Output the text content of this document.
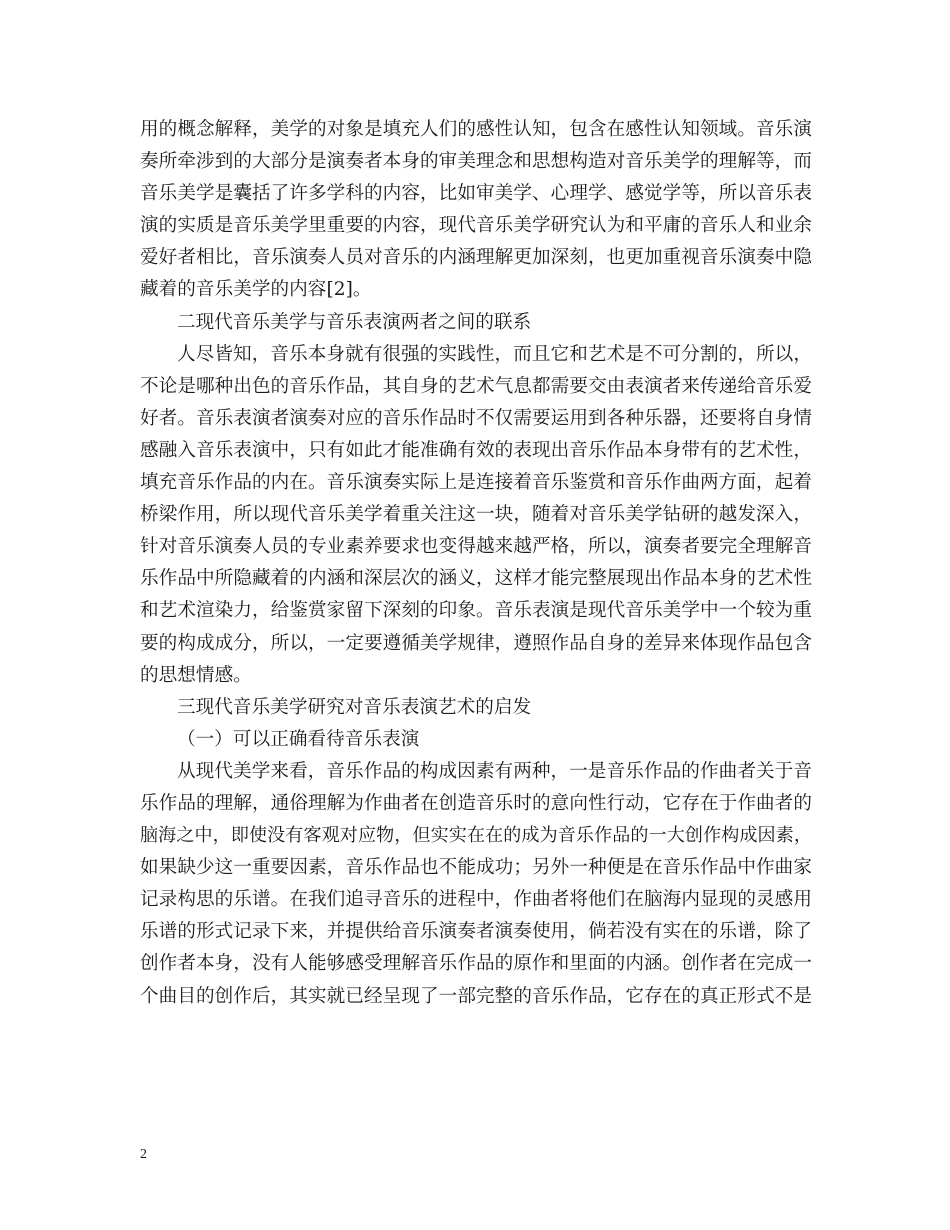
用的概念解释，美学的对象是填充人们的感性认知，包含在感性认知领域。音乐演
奏所牵涉到的大部分是演奏者本身的审美理念和思想构造对音乐美学的理解等，而
音乐美学是囊括了许多学科的内容，比如审美学、心理学、感觉学等，所以音乐表
演的实质是音乐美学里重要的内容，现代音乐美学研究认为和平庸的音乐人和业余
爱好者相比，音乐演奏人员对音乐的内涵理解更加深刻，也更加重视音乐演奏中隐
藏着的音乐美学的内容[2]。
二现代音乐美学与音乐表演两者之间的联系
人尽皆知，音乐本身就有很强的实践性，而且它和艺术是不可分割的，所以，
不论是哪种出色的音乐作品，其自身的艺术气息都需要交由表演者来传递给音乐爱
好者。音乐表演者演奏对应的音乐作品时不仅需要运用到各种乐器，还要将自身情
感融入音乐表演中，只有如此才能准确有效的表现出音乐作品本身带有的艺术性，
填充音乐作品的内在。音乐演奏实际上是连接着音乐鉴赏和音乐作曲两方面，起着
桥梁作用，所以现代音乐美学着重关注这一块，随着对音乐美学钻研的越发深入，
针对音乐演奏人员的专业素养要求也变得越来越严格，所以，演奏者要完全理解音
乐作品中所隐藏着的内涵和深层次的涵义，这样才能完整展现出作品本身的艺术性
和艺术渲染力，给鉴赏家留下深刻的印象。音乐表演是现代音乐美学中一个较为重
要的构成成分，所以，一定要遵循美学规律，遵照作品自身的差异来体现作品包含
的思想情感。
三现代音乐美学研究对音乐表演艺术的启发
（一）可以正确看待音乐表演
从现代美学来看，音乐作品的构成因素有两种，一是音乐作品的作曲者关于音
乐作品的理解，通俗理解为作曲者在创造音乐时的意向性行动，它存在于作曲者的
脑海之中，即使没有客观对应物，但实实在在的成为音乐作品的一大创作构成因素，
如果缺少这一重要因素，音乐作品也不能成功；另外一种便是在音乐作品中作曲家
记录构思的乐谱。在我们追寻音乐的进程中，作曲者将他们在脑海内显现的灵感用
乐谱的形式记录下来，并提供给音乐演奏者演奏使用，倘若没有实在的乐谱，除了
创作者本身，没有人能够感受理解音乐作品的原作和里面的内涵。创作者在完成一
个曲目的创作后，其实就已经呈现了一部完整的音乐作品，它存在的真正形式不是
2
